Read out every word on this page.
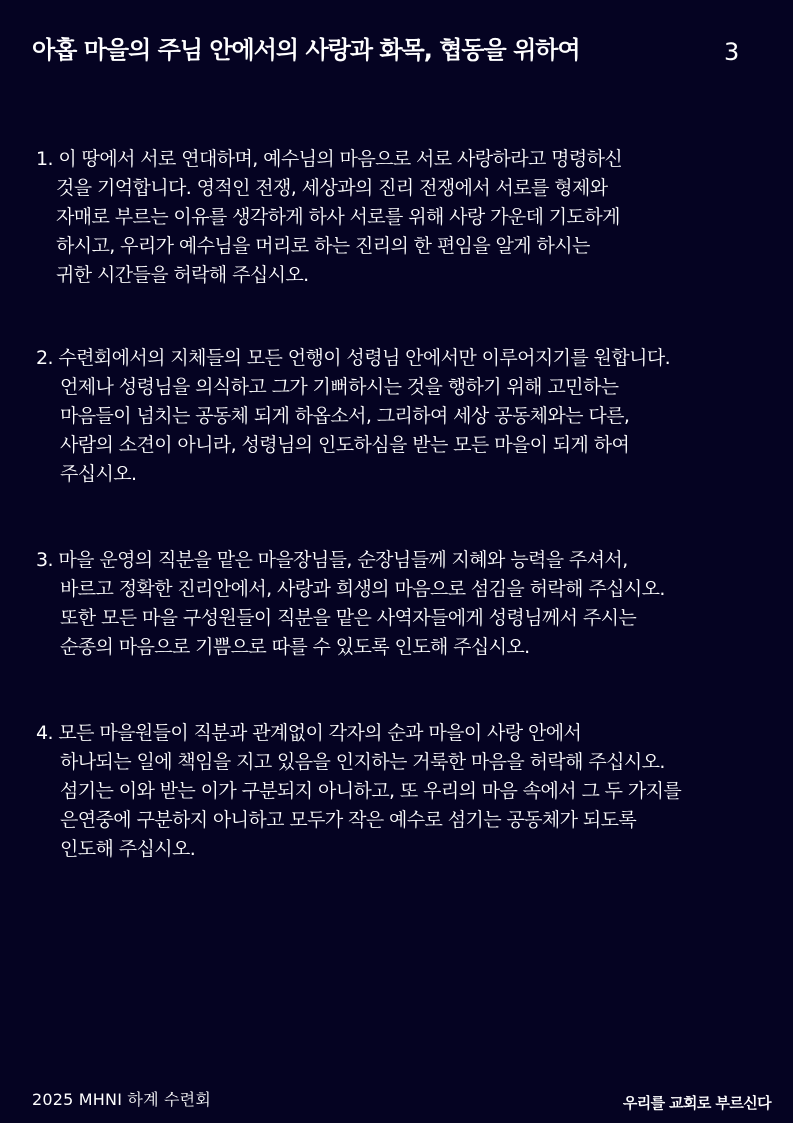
아홉 마을의 주님 안에서의 사랑과 화목, 협동을 위하여	3
1. 이 땅에서 서로 연대하며, 예수님의 마음으로 서로 사랑하라고 명령하신
것을 기억합니다. 영적인 전쟁, 세상과의 진리 전쟁에서 서로를 형제와
자매로 부르는 이유를 생각하게 하사 서로를 위해 사랑 가운데 기도하게
하시고, 우리가 예수님을 머리로 하는 진리의 한 편임을 알게 하시는
귀한 시간들을 허락해 주십시오.
2. 수련회에서의 지체들의 모든 언행이 성령님 안에서만 이루어지기를 원합니다.
언제나 성령님을 의식하고 그가 기뻐하시는 것을 행하기 위해 고민하는
마음들이 넘치는 공동체 되게 하옵소서, 그리하여 세상 공동체와는 다른,
사람의 소견이 아니라, 성령님의 인도하심을 받는 모든 마을이 되게 하여
주십시오.
3. 마을 운영의 직분을 맡은 마을장님들, 순장님들께 지혜와 능력을 주셔서,
바르고 정확한 진리안에서, 사랑과 희생의 마음으로 섬김을 허락해 주십시오.
또한 모든 마을 구성원들이 직분을 맡은 사역자들에게 성령님께서 주시는
순종의 마음으로 기쁨으로 따를 수 있도록 인도해 주십시오.
4. 모든 마을원들이 직분과 관계없이 각자의 순과 마을이 사랑 안에서
하나되는 일에 책임을 지고 있음을 인지하는 거룩한 마음을 허락해 주십시오.
섬기는 이와 받는 이가 구분되지 아니하고, 또 우리의 마음 속에서 그 두 가지를
은연중에 구분하지 아니하고 모두가 작은 예수로 섬기는 공동체가 되도록
인도해 주십시오.
2025 MHNI 하계 수련회	우리를 교회로 부르신다
